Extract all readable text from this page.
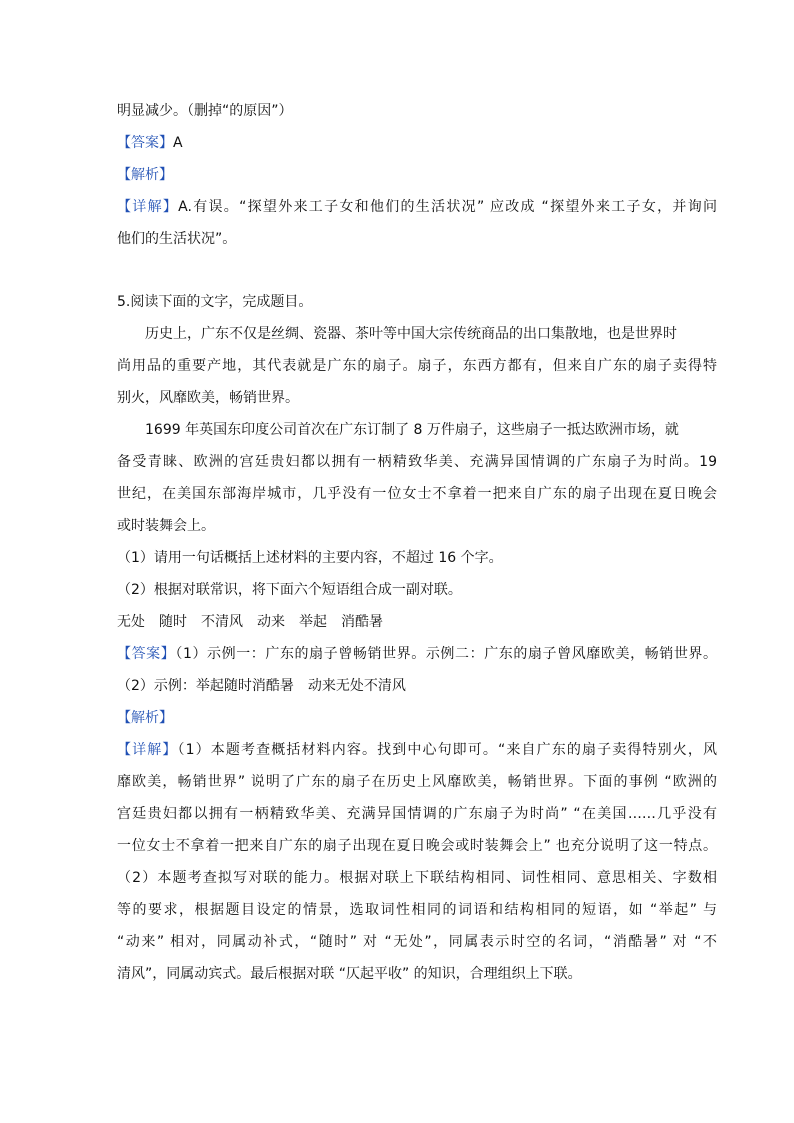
明显减少。（删掉“的原因”）
【答案】A
【解析】
【详解】A.有误。“探望外来工子女和他们的生活状况” 应改成 “探望外来工子女，并询问
他们的生活状况”。
5.阅读下面的文字，完成题目。
历史上，广东不仅是丝绸、瓷器、茶叶等中国大宗传统商品的出口集散地，也是世界时
尚用品的重要产地，其代表就是广东的扇子。扇子，东西方都有，但来自广东的扇子卖得特
别火，风靡欧美，畅销世界。
1699 年英国东印度公司首次在广东订制了 8 万件扇子，这些扇子一抵达欧洲市场，就
备受青睐、欧洲的宫廷贵妇都以拥有一柄精致华美、充满异国情调的广东扇子为时尚。19
世纪，在美国东部海岸城市，几乎没有一位女士不拿着一把来自广东的扇子出现在夏日晚会
或时装舞会上。
（1）请用一句话概括上述材料的主要内容，不超过 16 个字。
（2）根据对联常识，将下面六个短语组合成一副对联。
无处　随时　不清风　动来　举起　消酷暑
【答案】（1）示例一：广东的扇子曾畅销世界。示例二：广东的扇子曾风靡欧美，畅销世界。
（2）示例：举起随时消酷暑　动来无处不清风
【解析】
【详解】（1）本题考查概括材料内容。找到中心句即可。“来自广东的扇子卖得特别火，风
靡欧美，畅销世界” 说明了广东的扇子在历史上风靡欧美，畅销世界。下面的事例 “欧洲的
宫廷贵妇都以拥有一柄精致华美、充满异国情调的广东扇子为时尚” “在美国……几乎没有
一位女士不拿着一把来自广东的扇子出现在夏日晚会或时装舞会上” 也充分说明了这一特点。
（2）本题考查拟写对联的能力。根据对联上下联结构相同、词性相同、意思相关、字数相
等的要求，根据题目设定的情景，选取词性相同的词语和结构相同的短语，如 “举起” 与
“动来” 相对，同属动补式，“随时” 对 “无处”，同属表示时空的名词，“消酷暑” 对 “不
清风”，同属动宾式。最后根据对联 “仄起平收” 的知识，合理组织上下联。
